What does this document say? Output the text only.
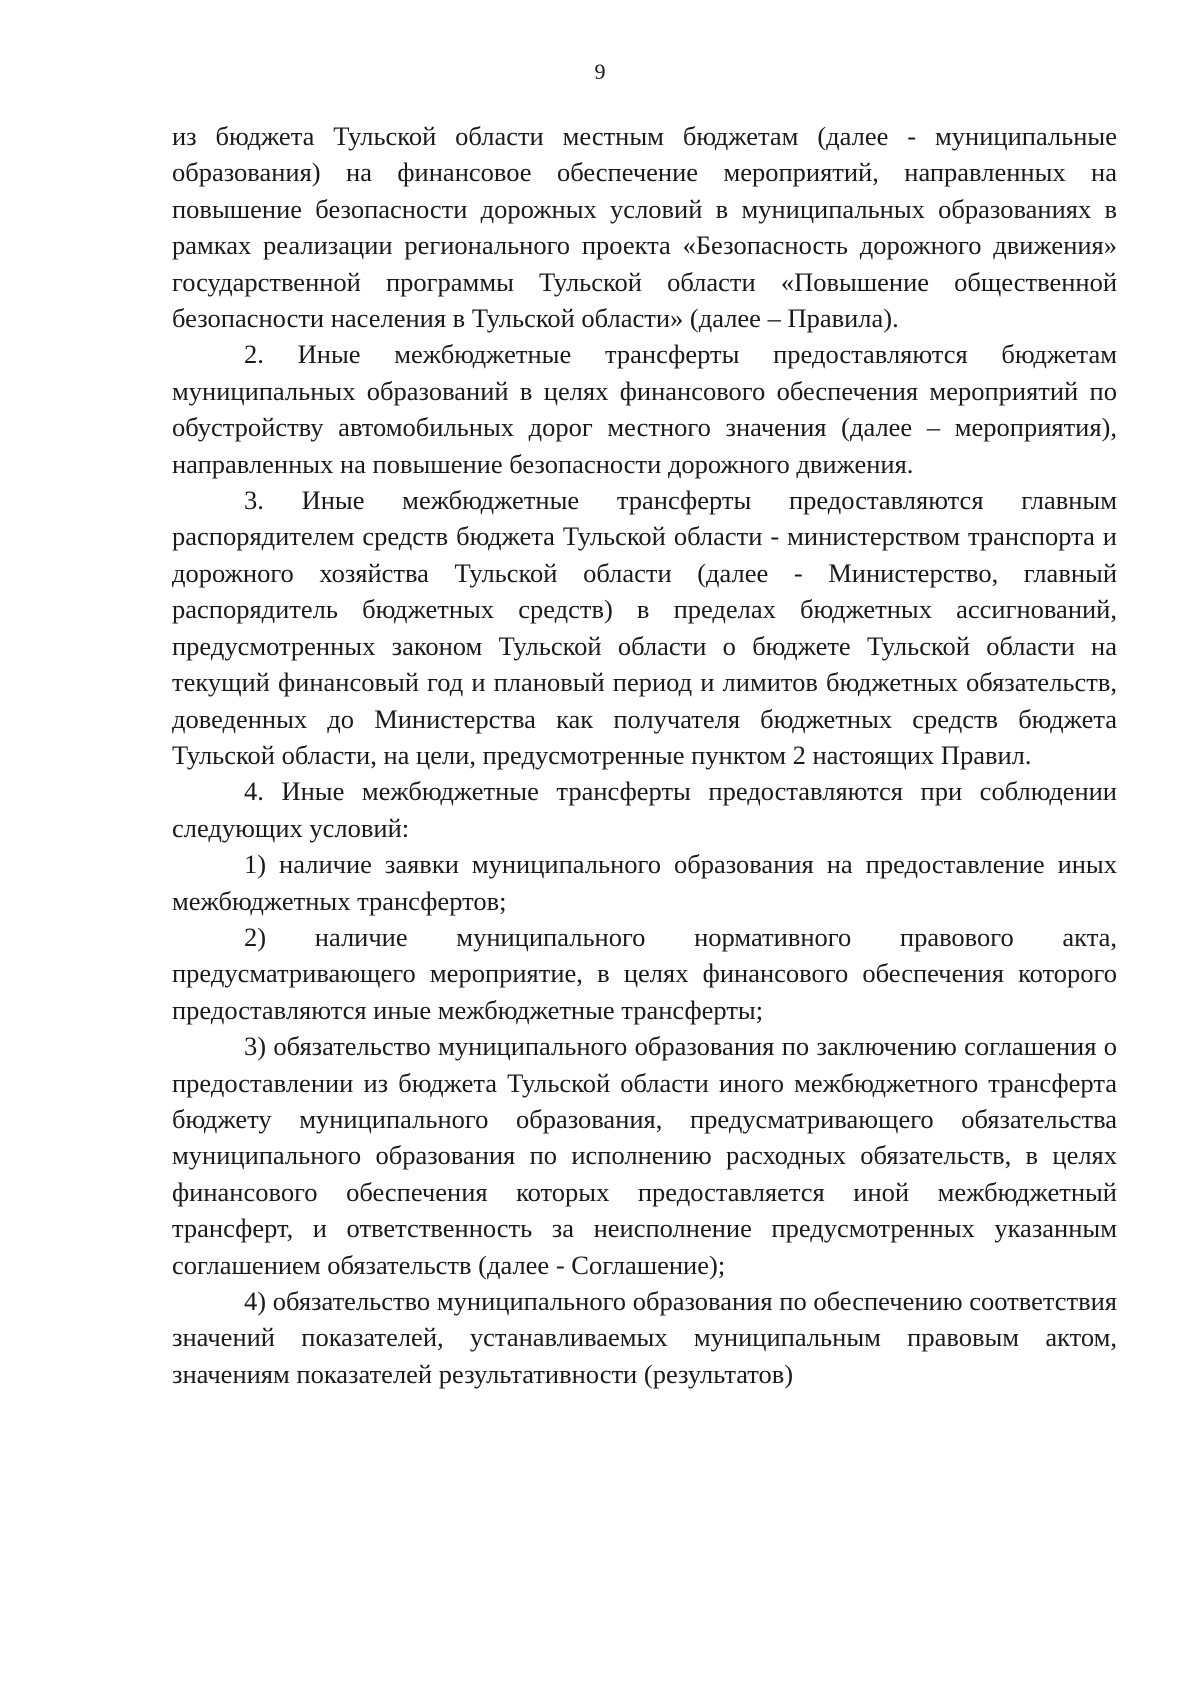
9

из бюджета Тульской области местным бюджетам (далее - муниципальные образования) на финансовое обеспечение мероприятий, направленных на повышение безопасности дорожных условий в муниципальных образованиях в рамках реализации регионального проекта «Безопасность дорожного движения» государственной программы Тульской области «Повышение общественной безопасности населения в Тульской области» (далее – Правила).

2. Иные межбюджетные трансферты предоставляются бюджетам муниципальных образований в целях финансового обеспечения мероприятий по обустройству автомобильных дорог местного значения (далее – мероприятия), направленных на повышение безопасности дорожного движения.

3. Иные межбюджетные трансферты предоставляются главным распорядителем средств бюджета Тульской области - министерством транспорта и дорожного хозяйства Тульской области (далее - Министерство, главный распорядитель бюджетных средств) в пределах бюджетных ассигнований, предусмотренных законом Тульской области о бюджете Тульской области на текущий финансовый год и плановый период и лимитов бюджетных обязательств, доведенных до Министерства как получателя бюджетных средств бюджета Тульской области, на цели, предусмотренные пунктом 2 настоящих Правил.

4. Иные межбюджетные трансферты предоставляются при соблюдении следующих условий:

1) наличие заявки муниципального образования на предоставление иных межбюджетных трансфертов;

2) наличие муниципального нормативного правового акта, предусматривающего мероприятие, в целях финансового обеспечения которого предоставляются иные межбюджетные трансферты;

3) обязательство муниципального образования по заключению соглашения о предоставлении из бюджета Тульской области иного межбюджетного трансферта бюджету муниципального образования, предусматривающего обязательства муниципального образования по исполнению расходных обязательств, в целях финансового обеспечения которых предоставляется иной межбюджетный трансферт, и ответственность за неисполнение предусмотренных указанным соглашением обязательств (далее - Соглашение);

4) обязательство муниципального образования по обеспечению соответствия значений показателей, устанавливаемых муниципальным правовым актом, значениям показателей результативности (результатов)
